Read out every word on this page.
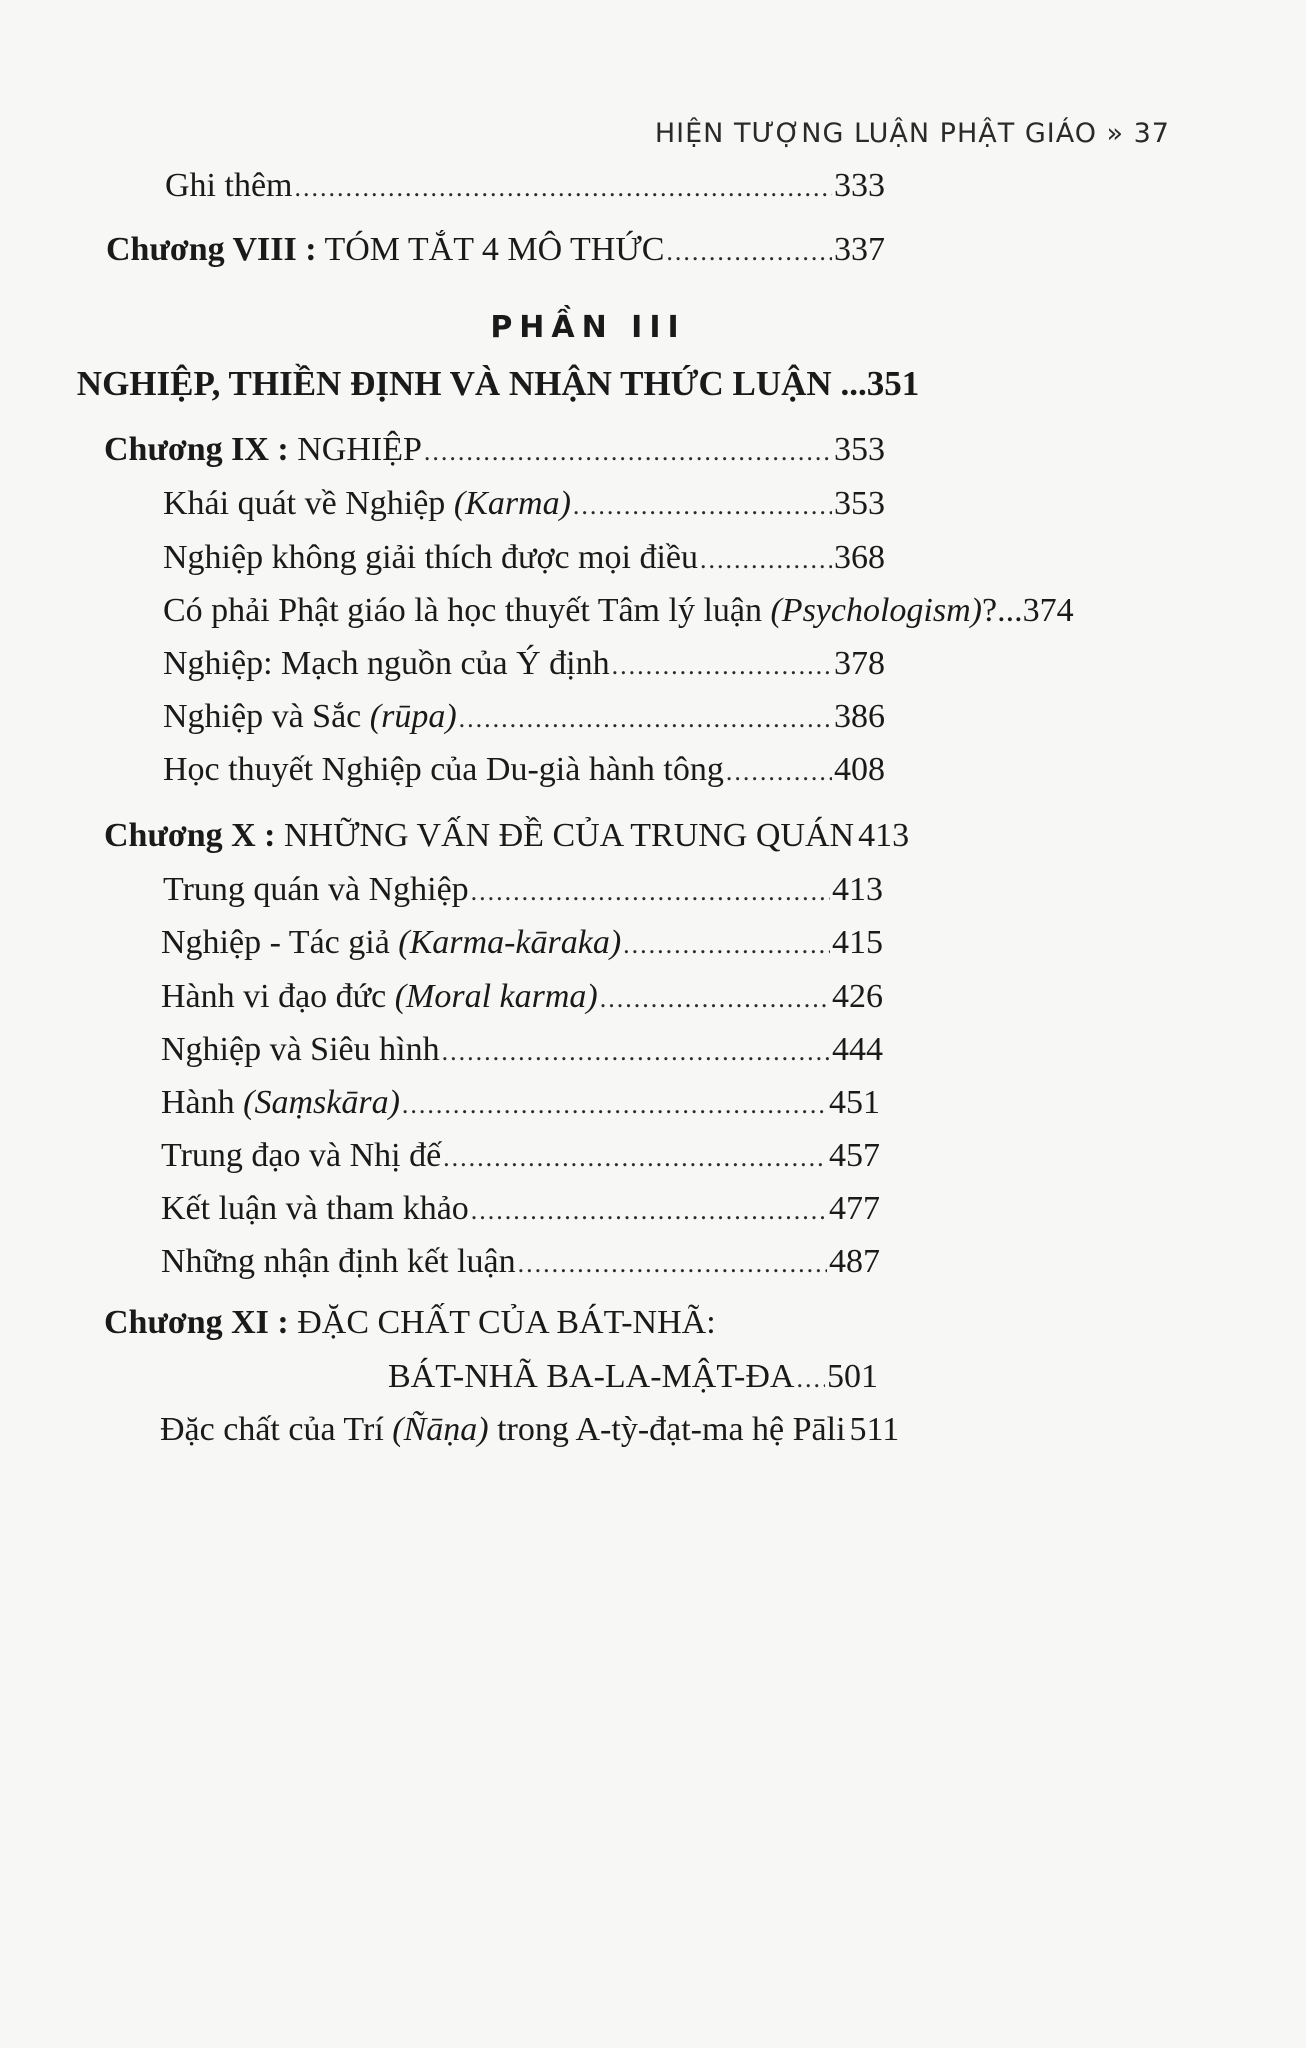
HIỆN TƯỢNG LUẬN PHẬT GIÁO » 37
Ghi thêm .....	333
Chương VIII : TÓM TẮT 4 MÔ THỨC .....	337
PHẦN III
NGHIỆP, THIỀN ĐỊNH VÀ NHẬN THỨC LUẬN ...351
Chương IX : NGHIỆP .....	353
Khái quát về Nghiệp (Karma) .....	353
Nghiệp không giải thích được mọi điều .....	368
Có phải Phật giáo là học thuyết Tâm lý luận (Psychologism)? ...374
Nghiệp: Mạch nguồn của Ý định .....	378
Nghiệp và Sắc (rūpa) .....	386
Học thuyết Nghiệp của Du-già hành tông .....	408
Chương X : NHỮNG VẤN ĐỀ CỦA TRUNG QUÁN 413
Trung quán và Nghiệp .....	413
Nghiệp - Tác giả (Karma-kāraka) .....	415
Hành vi đạo đức (Moral karma) .....	426
Nghiệp và Siêu hình .....	444
Hành (Saṃskāra) .....	451
Trung đạo và Nhị đế .....	457
Kết luận và tham khảo .....	477
Những nhận định kết luận .....	487
Chương XI : ĐẶC CHẤT CỦA BÁT-NHÃ:
BÁT-NHÃ BA-LA-MẬT-ĐA ..... 501
Đặc chất của Trí (Ñāṇa) trong A-tỳ-đạt-ma hệ Pāli 511
